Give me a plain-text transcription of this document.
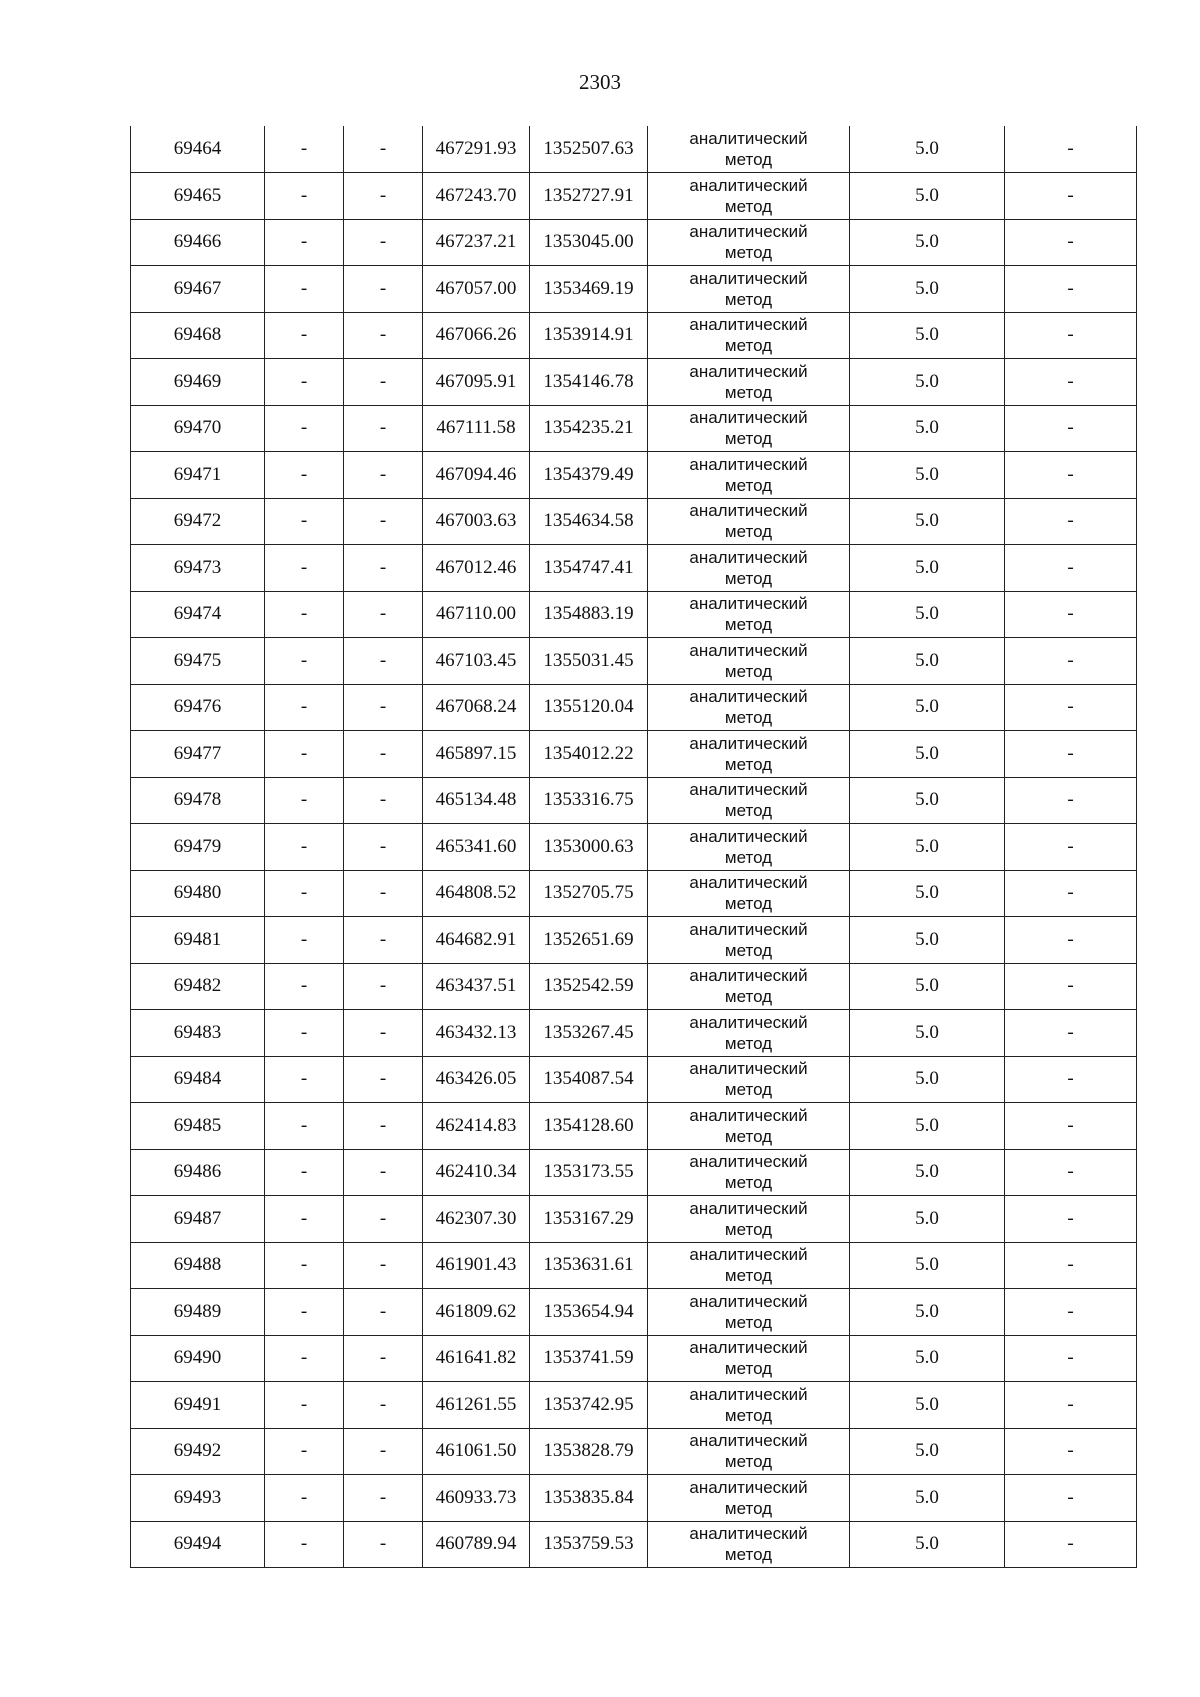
2303
69464	-	-	467291.93	1352507.63	аналитический
метод	5.0	-
69465	-	-	467243.70	1352727.91	аналитический
метод	5.0	-
69466	-	-	467237.21	1353045.00	аналитический
метод	5.0	-
69467	-	-	467057.00	1353469.19	аналитический
метод	5.0	-
69468	-	-	467066.26	1353914.91	аналитический
метод	5.0	-
69469	-	-	467095.91	1354146.78	аналитический
метод	5.0	-
69470	-	-	467111.58	1354235.21	аналитический
метод	5.0	-
69471	-	-	467094.46	1354379.49	аналитический
метод	5.0	-
69472	-	-	467003.63	1354634.58	аналитический
метод	5.0	-
69473	-	-	467012.46	1354747.41	аналитический
метод	5.0	-
69474	-	-	467110.00	1354883.19	аналитический
метод	5.0	-
69475	-	-	467103.45	1355031.45	аналитический
метод	5.0	-
69476	-	-	467068.24	1355120.04	аналитический
метод	5.0	-
69477	-	-	465897.15	1354012.22	аналитический
метод	5.0	-
69478	-	-	465134.48	1353316.75	аналитический
метод	5.0	-
69479	-	-	465341.60	1353000.63	аналитический
метод	5.0	-
69480	-	-	464808.52	1352705.75	аналитический
метод	5.0	-
69481	-	-	464682.91	1352651.69	аналитический
метод	5.0	-
69482	-	-	463437.51	1352542.59	аналитический
метод	5.0	-
69483	-	-	463432.13	1353267.45	аналитический
метод	5.0	-
69484	-	-	463426.05	1354087.54	аналитический
метод	5.0	-
69485	-	-	462414.83	1354128.60	аналитический
метод	5.0	-
69486	-	-	462410.34	1353173.55	аналитический
метод	5.0	-
69487	-	-	462307.30	1353167.29	аналитический
метод	5.0	-
69488	-	-	461901.43	1353631.61	аналитический
метод	5.0	-
69489	-	-	461809.62	1353654.94	аналитический
метод	5.0	-
69490	-	-	461641.82	1353741.59	аналитический
метод	5.0	-
69491	-	-	461261.55	1353742.95	аналитический
метод	5.0	-
69492	-	-	461061.50	1353828.79	аналитический
метод	5.0	-
69493	-	-	460933.73	1353835.84	аналитический
метод	5.0	-
69494	-	-	460789.94	1353759.53	аналитический
метод	5.0	-
